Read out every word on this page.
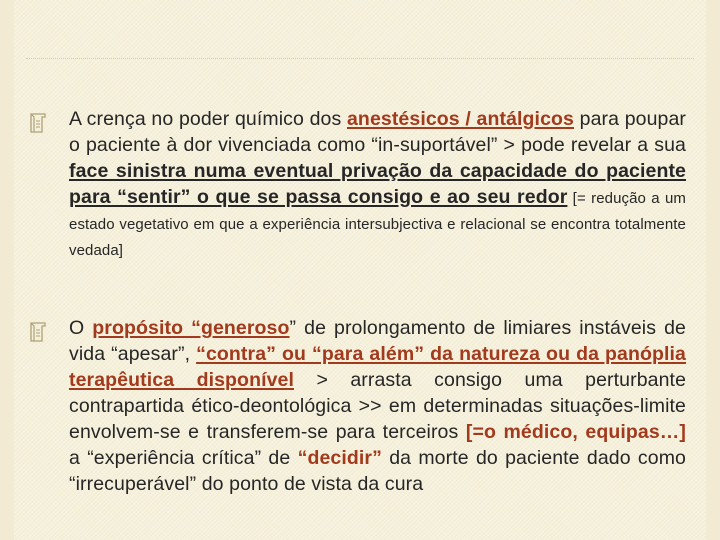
A crença no poder químico dos anestésicos / antálgicos para poupar o paciente à dor vivenciada como “in-suportável” > pode revelar a sua face sinistra numa eventual privação da capacidade do paciente para “sentir” o que se passa consigo e ao seu redor [= redução a um estado vegetativo em que a experiência intersubjectiva e relacional se encontra totalmente vedada]

O propósito “generoso” de prolongamento de limiares instáveis de vida “apesar”, “contra” ou “para além” da natureza ou da panóplia terapêutica disponível > arrasta consigo uma perturbante contrapartida ético-deontológica >> em determinadas situações-limite envolvem-se e transferem-se para terceiros [=o médico, equipas…] a “experiência crítica” de “decidir” da morte do paciente dado como “irrecuperável” do ponto de vista da cura
